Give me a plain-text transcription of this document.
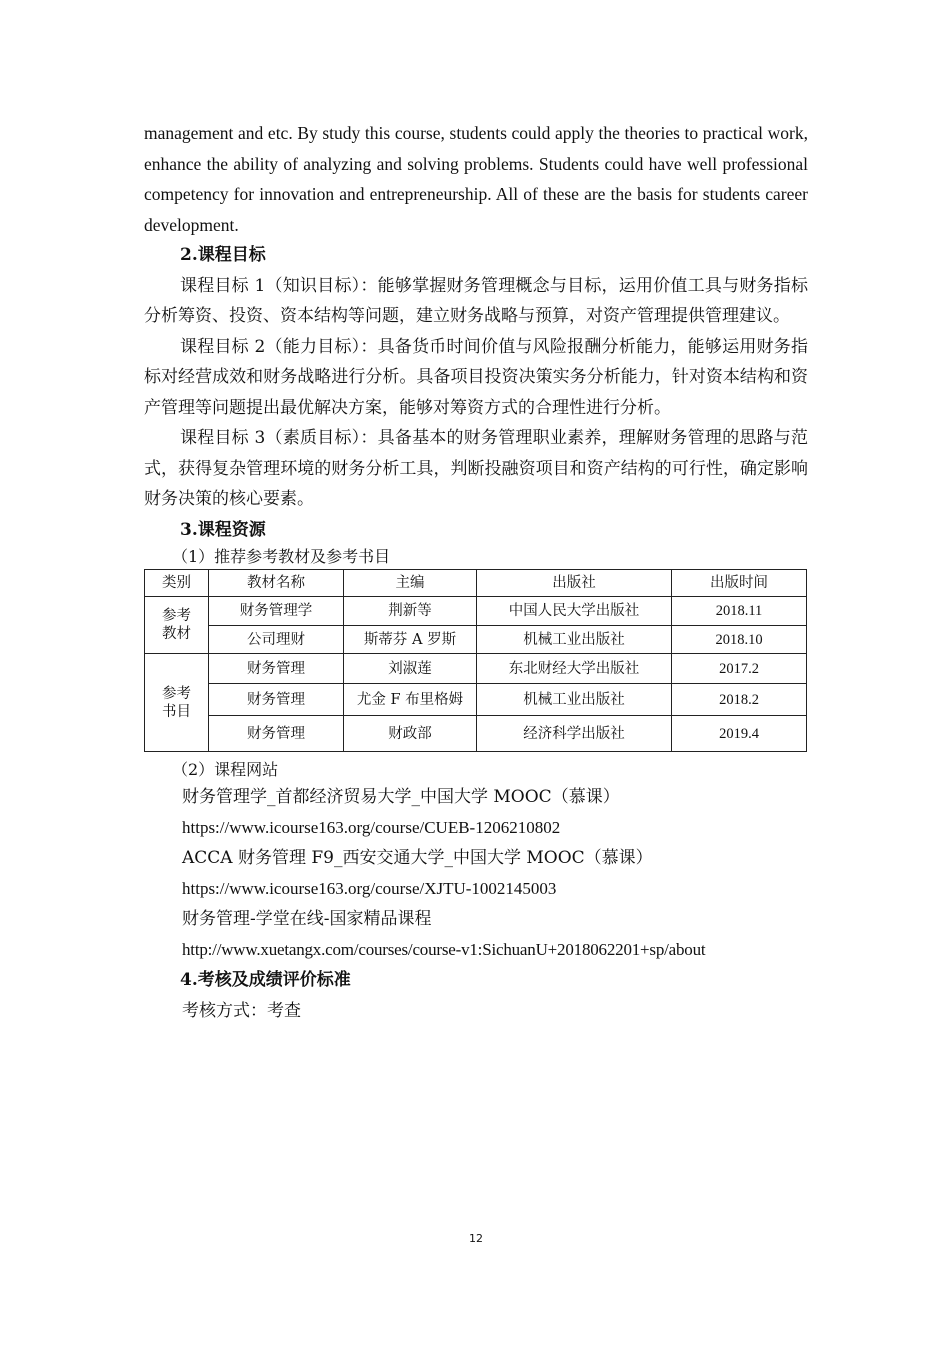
management and etc. By study this course, students could apply the theories to practical work, enhance the ability of analyzing and solving problems. Students could have well professional competency for innovation and entrepreneurship. All of these are the basis for students career development.

2.课程目标

课程目标 1（知识目标）：能够掌握财务管理概念与目标，运用价值工具与财务指标分析筹资、投资、资本结构等问题，建立财务战略与预算，对资产管理提供管理建议。

课程目标 2（能力目标）：具备货币时间价值与风险报酬分析能力，能够运用财务指标对经营成效和财务战略进行分析。具备项目投资决策实务分析能力，针对资本结构和资产管理等问题提出最优解决方案，能够对筹资方式的合理性进行分析。

课程目标 3（素质目标）：具备基本的财务管理职业素养，理解财务管理的思路与范式，获得复杂管理环境的财务分析工具，判断投融资项目和资产结构的可行性，确定影响财务决策的核心要素。

3.课程资源

（1）推荐参考教材及参考书目

类别	教材名称	主编	出版社	出版时间
参考
教材	财务管理学	荆新等	中国人民大学出版社	2018.11
	公司理财	斯蒂芬 A 罗斯	机械工业出版社	2018.10
参考
书目	财务管理	刘淑莲	东北财经大学出版社	2017.2
	财务管理	尤金 F 布里格姆	机械工业出版社	2018.2
	财务管理	财政部	经济科学出版社	2019.4

（2）课程网站

财务管理学_首都经济贸易大学_中国大学 MOOC（慕课）

https://www.icourse163.org/course/CUEB-1206210802

ACCA 财务管理 F9_西安交通大学_中国大学 MOOC（慕课）

https://www.icourse163.org/course/XJTU-1002145003

财务管理-学堂在线-国家精品课程

http://www.xuetangx.com/courses/course-v1:SichuanU+2018062201+sp/about

4.考核及成绩评价标准

考核方式：考查

12
